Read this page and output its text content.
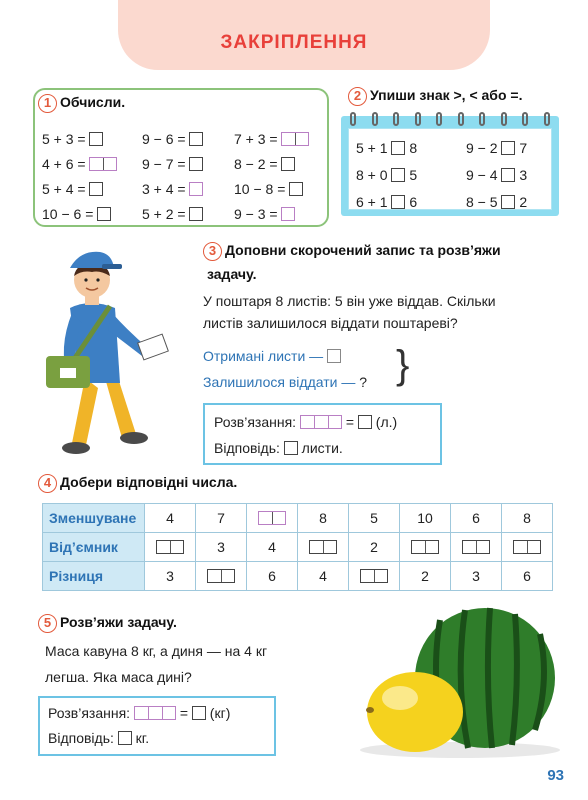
ЗАКРІПЛЕННЯ
1 Обчисли.
5 + 3 =	9 − 6 =	7 + 3 =
4 + 6 =	9 − 7 =	8 − 2 =
5 + 4 =	3 + 4 =	10 − 8 =
10 − 6 =	5 + 2 =	9 − 3 =
2 Упиши знак >, < або =.
5 + 1 8	9 − 2 7
8 + 0 5	9 − 4 3
6 + 1 6	8 − 5 2
3 Доповни скорочений запис та розв’яжи
задачу.
У поштаря 8 листів: 5 він уже віддав. Скільки
листів залишилося віддати поштареві?
Отримані листи —
Залишилося віддати — ? }
Розв’язання:	= (л.)
Відповідь: листи.
4 Добери відповідні числа.
Зменшуване	4	7		8	5	10	6	8
Від’ємник		3	4		2			
Різниця	3		6	4		2	3	6
5 Розв’яжи задачу.
Маса кавуна 8 кг, а диня — на 4 кг
легша. Яка маса дині?
Розв’язання:	= (кг)
Відповідь: кг.
93
